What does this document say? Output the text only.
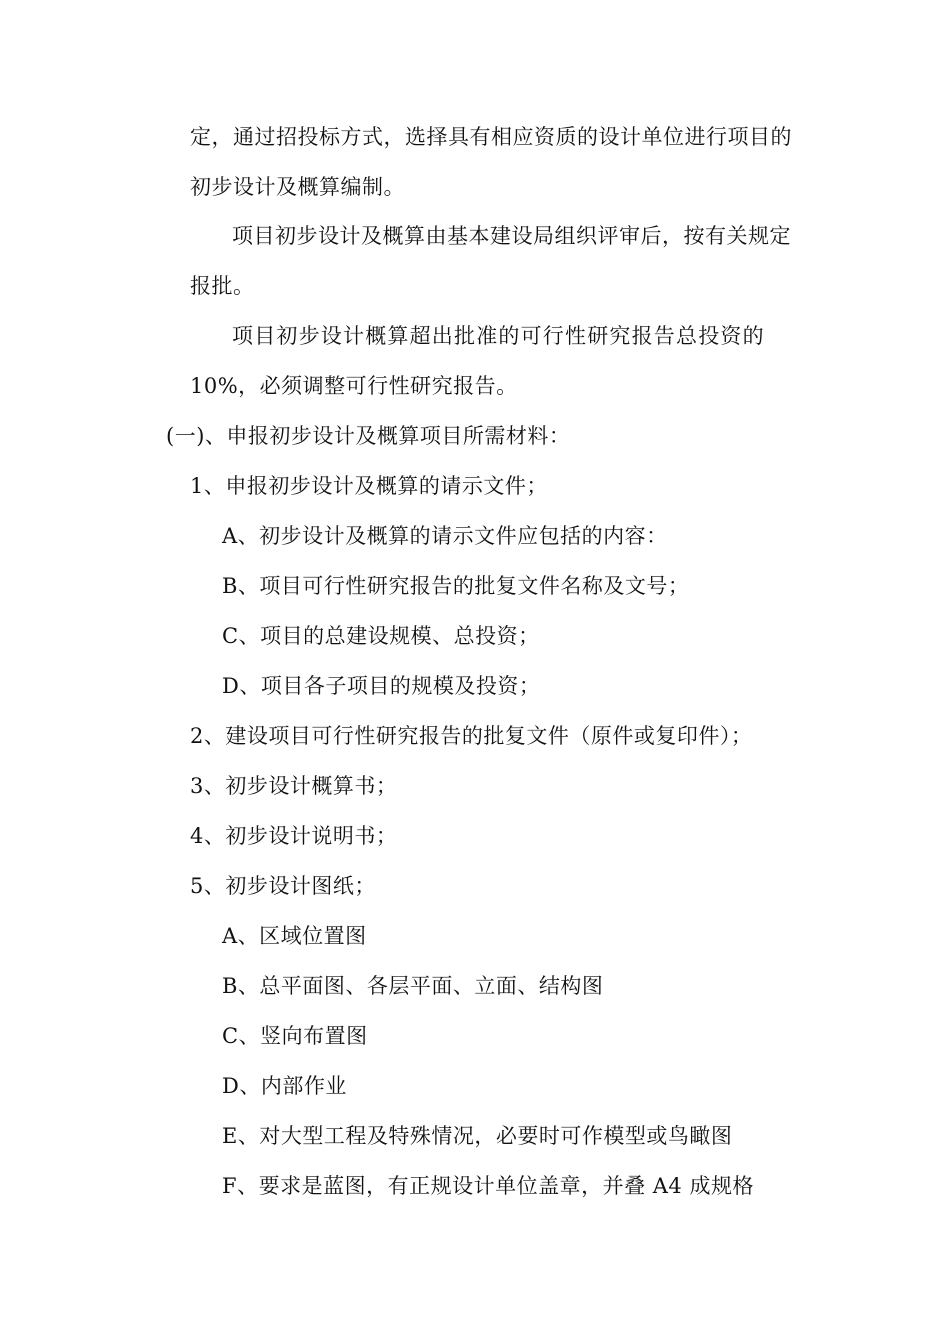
定，通过招投标方式，选择具有相应资质的设计单位进行项目的
初步设计及概算编制。
项目初步设计及概算由基本建设局组织评审后，按有关规定
报批。
项目初步设计概算超出批准的可行性研究报告总投资的
10%，必须调整可行性研究报告。
(一)、申报初步设计及概算项目所需材料：
1、申报初步设计及概算的请示文件；
A、初步设计及概算的请示文件应包括的内容：
B、项目可行性研究报告的批复文件名称及文号；
C、项目的总建设规模、总投资；
D、项目各子项目的规模及投资；
2、建设项目可行性研究报告的批复文件（原件或复印件）；
3、初步设计概算书；
4、初步设计说明书；
5、初步设计图纸；
A、区域位置图
B、总平面图、各层平面、立面、结构图
C、竖向布置图
D、内部作业
E、对大型工程及特殊情况，必要时可作模型或鸟瞰图
F、要求是蓝图，有正规设计单位盖章，并叠 A4 成规格
